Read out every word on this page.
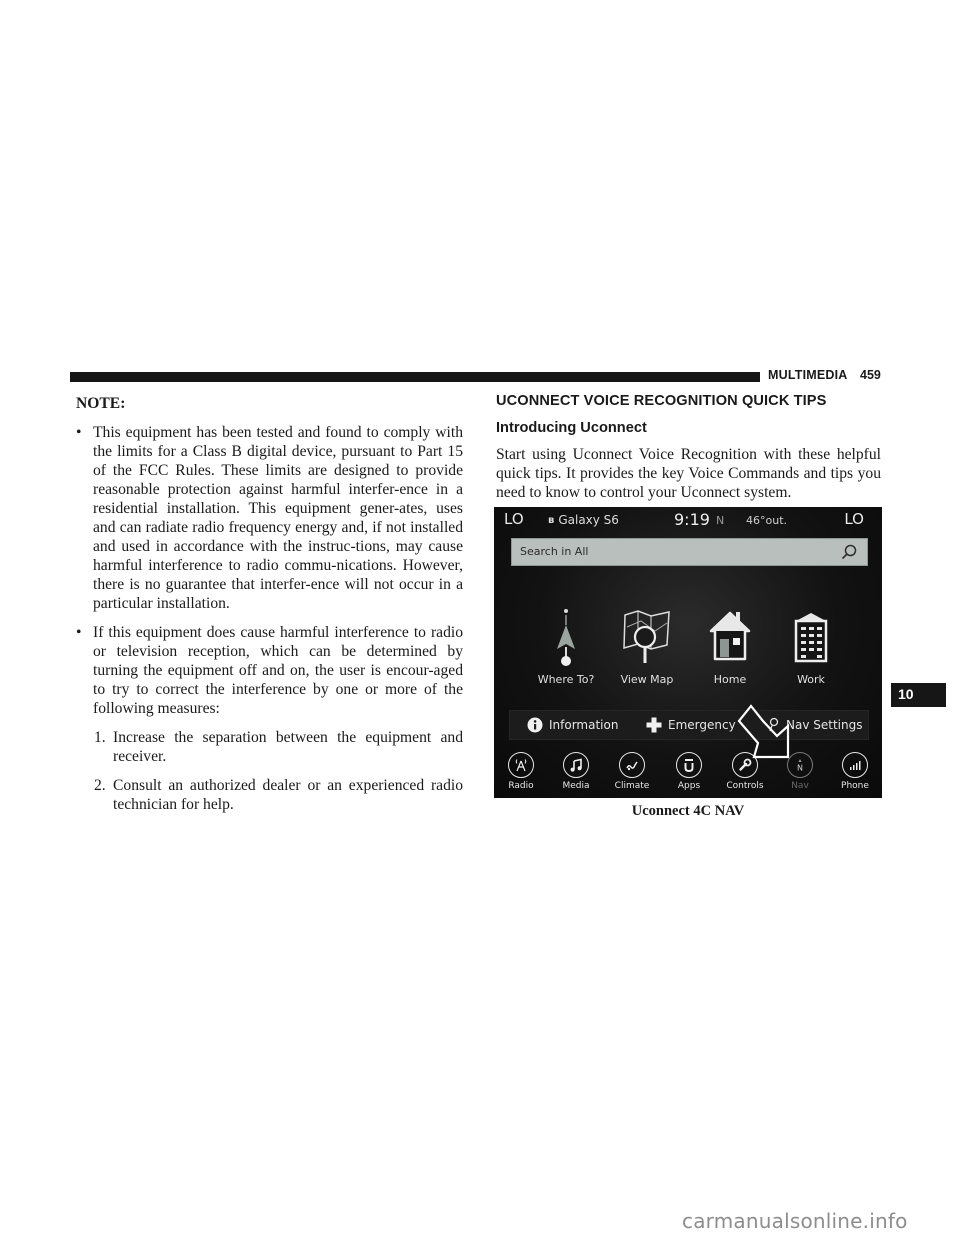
MULTIMEDIA 459

NOTE:

• This equipment has been tested and found to comply with the limits for a Class B digital device, pursuant to Part 15 of the FCC Rules. These limits are designed to provide reasonable protection against harmful interfer-ence in a residential installation. This equipment gener-ates, uses and can radiate radio frequency energy and, if not installed and used in accordance with the instruc-tions, may cause harmful interference to radio commu-nications. However, there is no guarantee that interfer-ence will not occur in a particular installation.
• If this equipment does cause harmful interference to radio or television reception, which can be determined by turning the equipment off and on, the user is encour-aged to try to correct the interference by one or more of the following measures:
1. Increase the separation between the equipment and receiver.
2. Consult an authorized dealer or an experienced radio technician for help.
UCONNECT VOICE RECOGNITION QUICK TIPS
Introducing Uconnect

Start using Uconnect Voice Recognition with these helpful quick tips. It provides the key Voice Commands and tips you need to know to control your Uconnect system.

LO ʙ Galaxy S6	9:19 N 46°out.	LO
Search in All
Where To?	View Map	Home	Work
Information	Emergency	Nav Settings
Radio	Media	Climate	Apps	Controls
N
Nav	Phone
Uconnect 4C NAV
10
carmanualsonline.info
